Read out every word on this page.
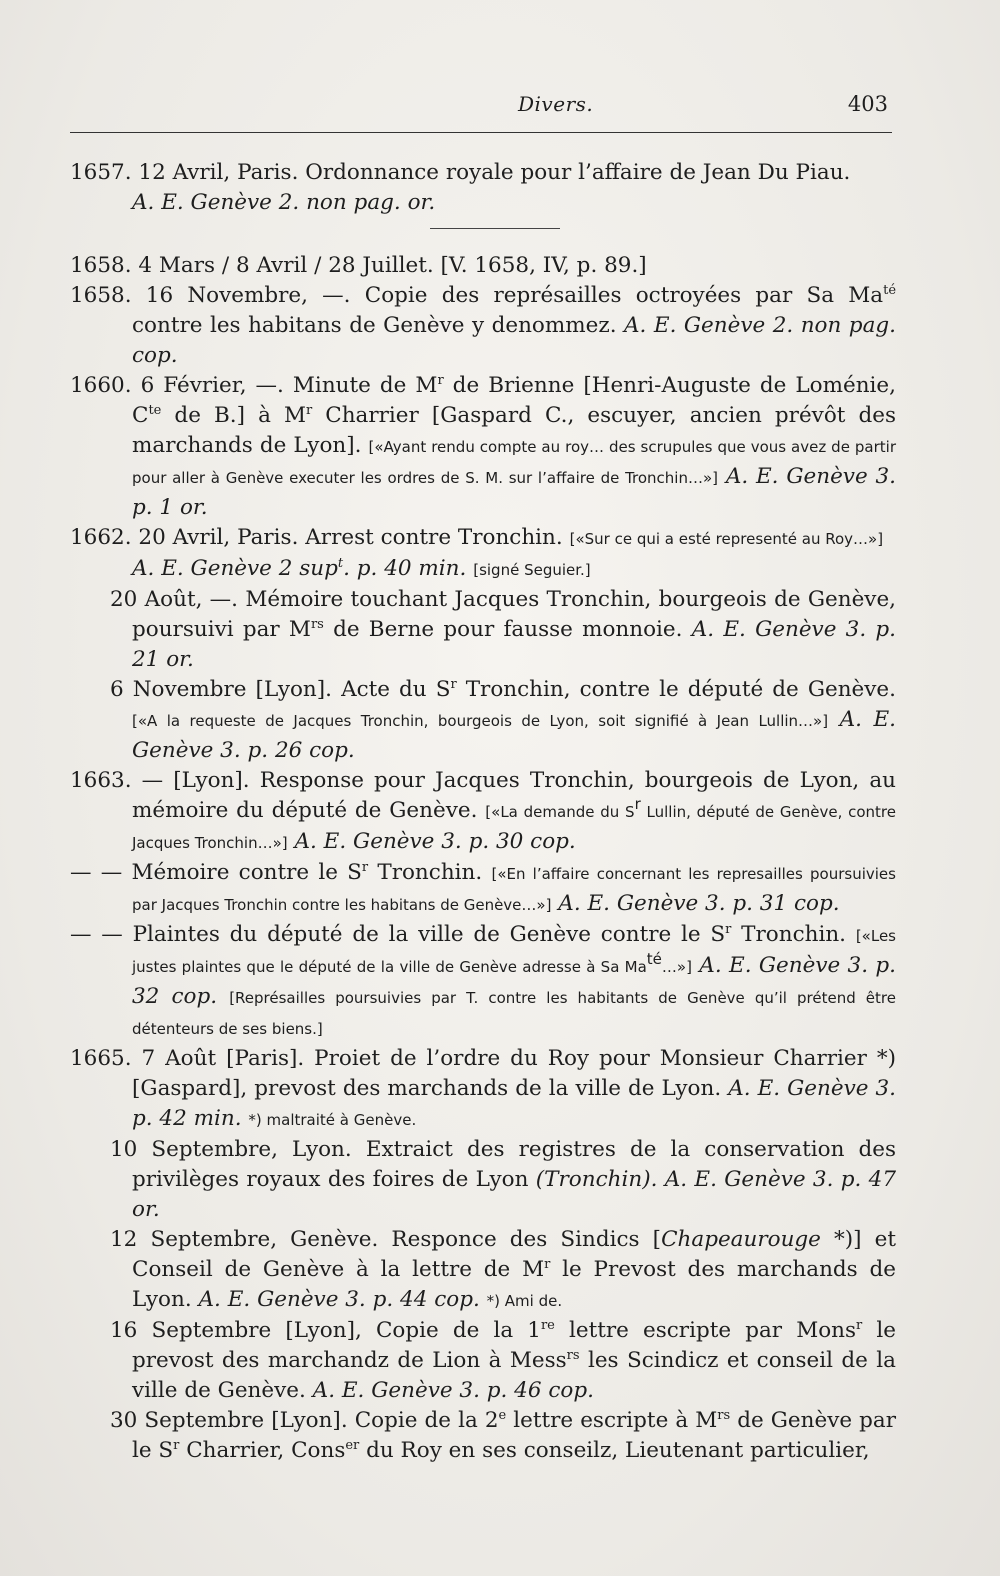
Divers.	403

1657. 12 Avril, Paris. Ordonnance royale pour l’affaire de Jean Du Piau.
A. E. Genève 2. non pag. or.

1658. 4 Mars / 8 Avril / 28 Juillet. [V. 1658, IV, p. 89.]

1658. 16 Novembre, —. Copie des représailles octroyées par Sa $Ma^{té}$ contre les habitans de Genève y denommez. A. E. Genève 2. non pag. cop.

1660. 6 Février, —. Minute de $M^r$ de Brienne [Henri-Auguste de Loménie, $C^{te}$ de B.] à $M^r$ Charrier [Gaspard C., escuyer, ancien prévôt des marchands de Lyon]. [«Ayant rendu compte au roy… des scrupules que vous avez de partir pour aller à Genève executer les ordres de S. M. sur l’affaire de Tronchin…»] A. E. Genève 3. p. 1 or.

1662. 20 Avril, Paris. Arrest contre Tronchin. [«Sur ce qui a esté representé au Roy…»]
A. E. Genève 2 sup$^t$. p. 40 min. [signé Seguier.]

20 Août, —. Mémoire touchant Jacques Tronchin, bourgeois de Genève, poursuivi par $M^{rs}$ de Berne pour fausse monnoie. A. E. Genève 3. p. 21 or.

6 Novembre [Lyon]. Acte du $S^r$ Tronchin, contre le député de Genève. [«A la requeste de Jacques Tronchin, bourgeois de Lyon, soit signifié à Jean Lullin…»] A. E. Genève 3. p. 26 cop.

1663. — [Lyon]. Response pour Jacques Tronchin, bourgeois de Lyon, au mémoire du député de Genève. [«La demande du $S^r$ Lullin, député de Genève, contre Jacques Tronchin…»] A. E. Genève 3. p. 30 cop.

— — Mémoire contre le $S^r$ Tronchin. [«En l’affaire concernant les represailles poursuivies par Jacques Tronchin contre les habitans de Genève…»] A. E. Genève 3. p. 31 cop.

— — Plaintes du député de la ville de Genève contre le $S^r$ Tronchin. [«Les justes plaintes que le député de la ville de Genève adresse à Sa $Ma^{té}\dots$»] A. E. Genève 3. p. 32 cop. [Représailles poursuivies par T. contre les habitants de Genève qu’il prétend être détenteurs de ses biens.]

1665. 7 Août [Paris]. Proiet de l’ordre du Roy pour Monsieur Charrier *) [Gaspard], prevost des marchands de la ville de Lyon. A. E. Genève 3. p. 42 min. *) maltraité à Genève.

10 Septembre, Lyon. Extraict des registres de la conservation des privilèges royaux des foires de Lyon (Tronchin). A. E. Genève 3. p. 47 or.

12 Septembre, Genève. Responce des Sindics [Chapeaurouge *)] et Conseil de Genève à la lettre de $M^r$ le Prevost des marchands de Lyon. A. E. Genève 3. p. 44 cop. *) Ami de.

16 Septembre [Lyon], Copie de la 1re lettre escripte par Mons$^r$ le prevost des marchandz de Lion à Mess$^{rs}$ les Scindicz et conseil de la ville de Genève. A. E. Genève 3. p. 46 cop.

30 Septembre [Lyon]. Copie de la 2e lettre escripte à $M^{rs}$ de Genève par le $S^r$ Charrier, Cons$^{er}$ du Roy en ses conseilz, Lieutenant particulier,
